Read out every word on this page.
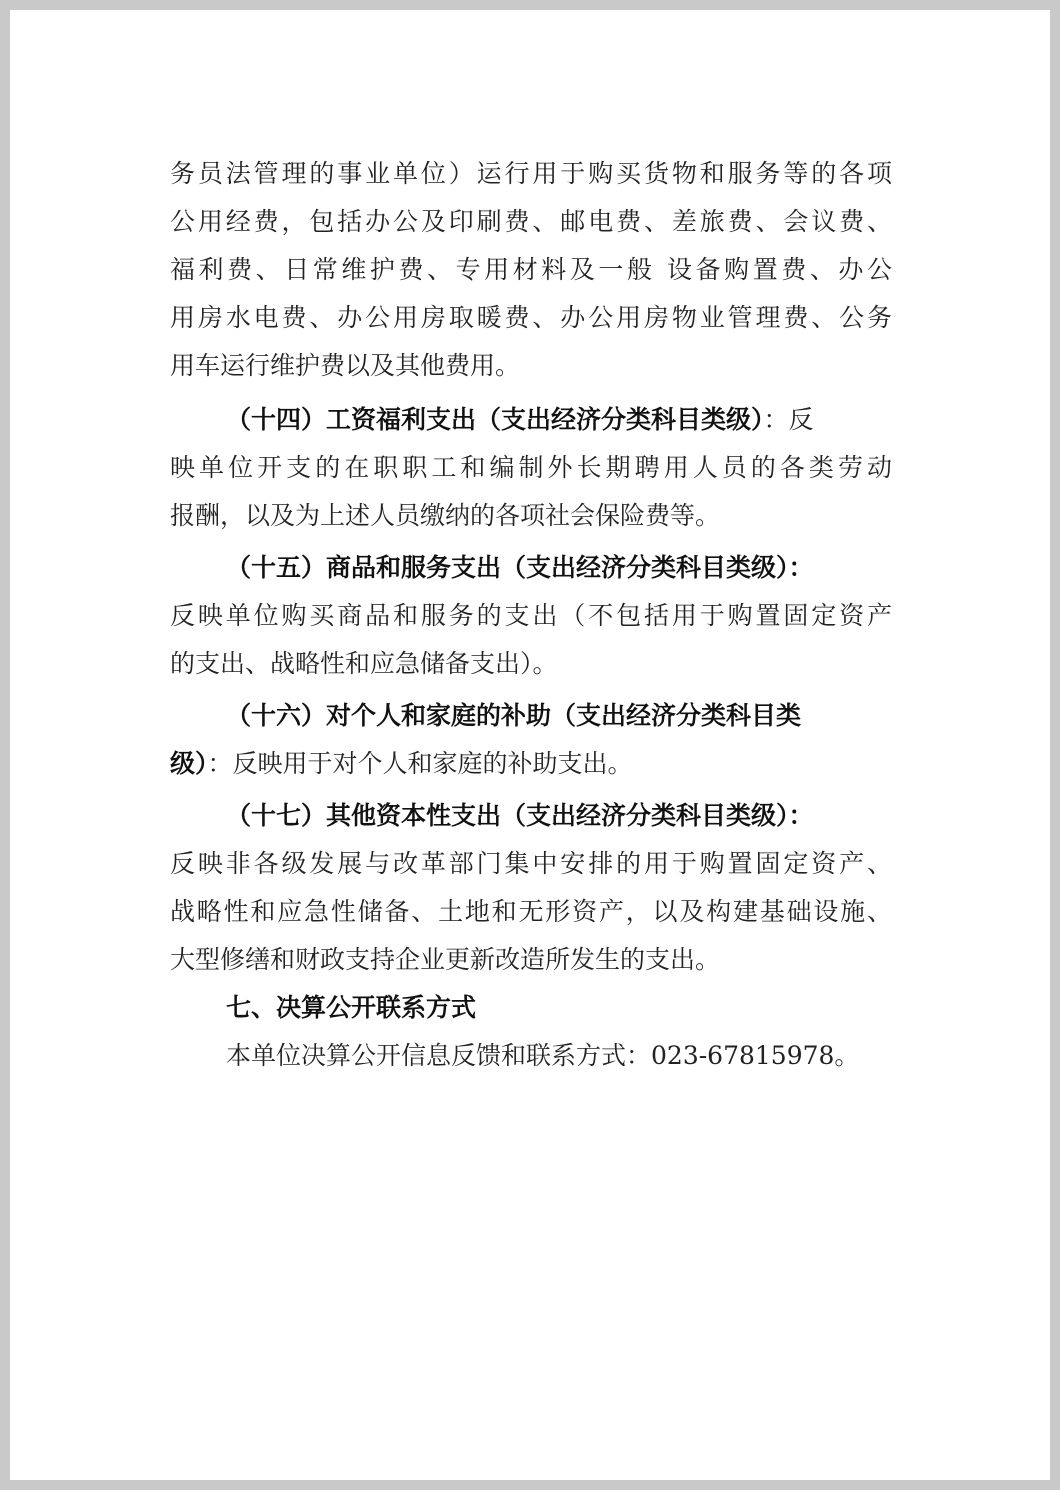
务员法管理的事业单位）运行用于购买货物和服务等的各项
公用经费，包括办公及印刷费、邮电费、差旅费、会议费、
福利费、日常维护费、专用材料及一般 设备购置费、办公
用房水电费、办公用房取暖费、办公用房物业管理费、公务
用车运行维护费以及其他费用。
（十四）工资福利支出（支出经济分类科目类级）：反
映单位开支的在职职工和编制外长期聘用人员的各类劳动
报酬，以及为上述人员缴纳的各项社会保险费等。
（十五）商品和服务支出（支出经济分类科目类级）：
反映单位购买商品和服务的支出（不包括用于购置固定资产
的支出、战略性和应急储备支出）。
（十六）对个人和家庭的补助（支出经济分类科目类
级）：反映用于对个人和家庭的补助支出。
（十七）其他资本性支出（支出经济分类科目类级）：
反映非各级发展与改革部门集中安排的用于购置固定资产、
战略性和应急性储备、土地和无形资产，以及构建基础设施、
大型修缮和财政支持企业更新改造所发生的支出。
七、决算公开联系方式
本单位决算公开信息反馈和联系方式：023-67815978。
